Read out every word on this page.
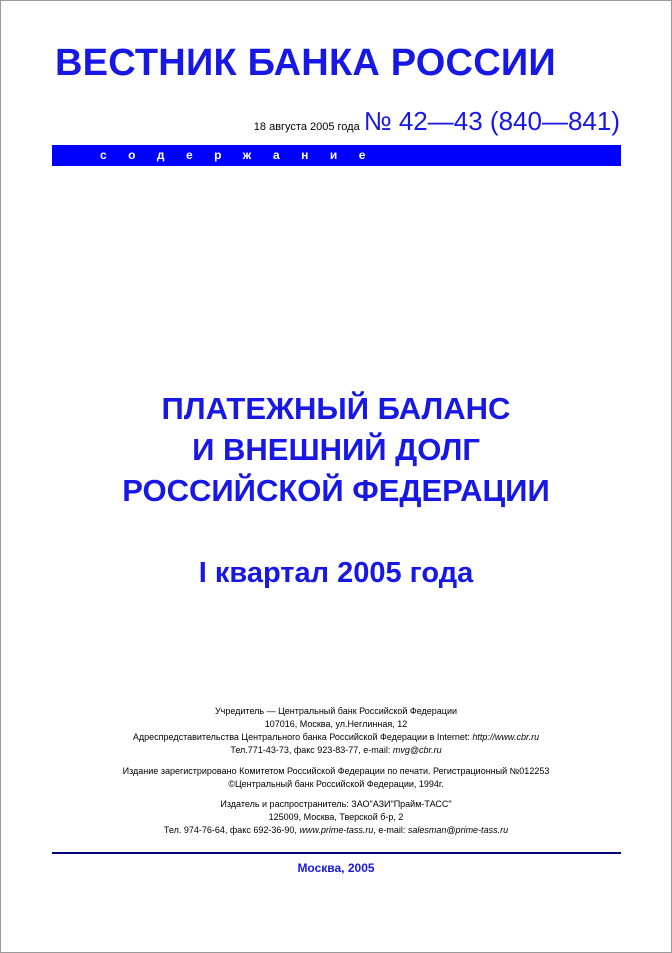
ВЕСТНИК БАНКА РОССИИ
18 августа 2005 года № 42—43 (840—841)
содержание
ПЛАТЕЖНЫЙ БАЛАНС
И ВНЕШНИЙ ДОЛГ
РОССИЙСКОЙ ФЕДЕРАЦИИ
I квартал 2005 года
Учредитель — Центральный банк Российской Федерации
107016, Москва, ул.Неглинная, 12
Адреспредставительства Центрального банка Российской Федерации в Internet: http://www.cbr.ru
Тел.771-43-73, факс 923-83-77, e-mail: mvg@cbr.ru
Издание зарегистрировано Комитетом Российской Федерации по печати. Регистрационный №012253
©Центральный банк Российской Федерации, 1994г.
Издатель и распространитель: ЗАО"АЗИ"Прайм-ТАСС"
125009, Москва, Тверской б-р, 2
Тел. 974-76-64, факс 692-36-90, www.prime-tass.ru, e-mail: salesman@prime-tass.ru
Москва, 2005
